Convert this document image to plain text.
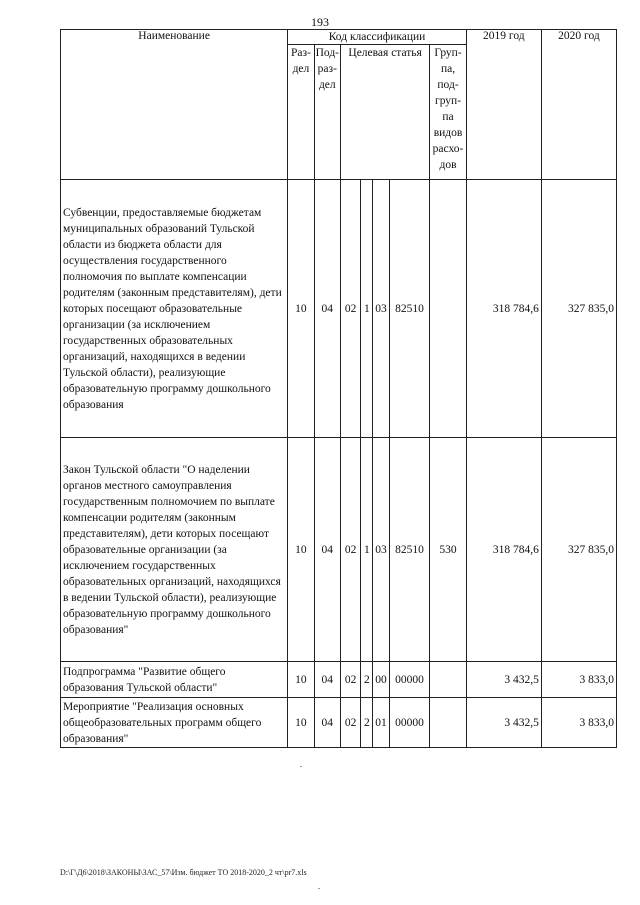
193
Наименование	Код классификации							2019 год	2020 год
	Раз-дел	Под-раз-дел	Целевая статья				Груп-па, под-груп-па видов расхо-дов		

Субвенции, предоставляемые бюджетам муниципальных образований Тульской области из бюджета области для осуществления государственного полномочия по выплате компенсации родителям (законным представителям), дети которых посещают образовательные организации (за исключением государственных образовательных организаций, находящихся в ведении Тульской области), реализующие образовательную программу дошкольного образования	10	04	02	1	03	82510		318 784,6	327 835,0
Закон Тульской области "О наделении органов местного самоуправления государственным полномочием по выплате компенсации родителям (законным представителям), дети которых посещают образовательные организации (за исключением государственных образовательных организаций, находящихся в ведении Тульской области), реализующие образовательную программу дошкольного образования"	10	04	02	1	03	82510	530	318 784,6	327 835,0
Подпрограмма "Развитие общего образования Тульской области"	10	04	02	2	00	00000		3 432,5	3 833,0
Мероприятие "Реализация основных общеобразовательных программ общего образования"	10	04	02	2	01	00000		3 432,5	3 833,0
D:\Г\Д6\2018\ЗАКОНЫ\ЗАС_57\Изм. бюджет ТО 2018-2020_2 чт\pr7.xls
